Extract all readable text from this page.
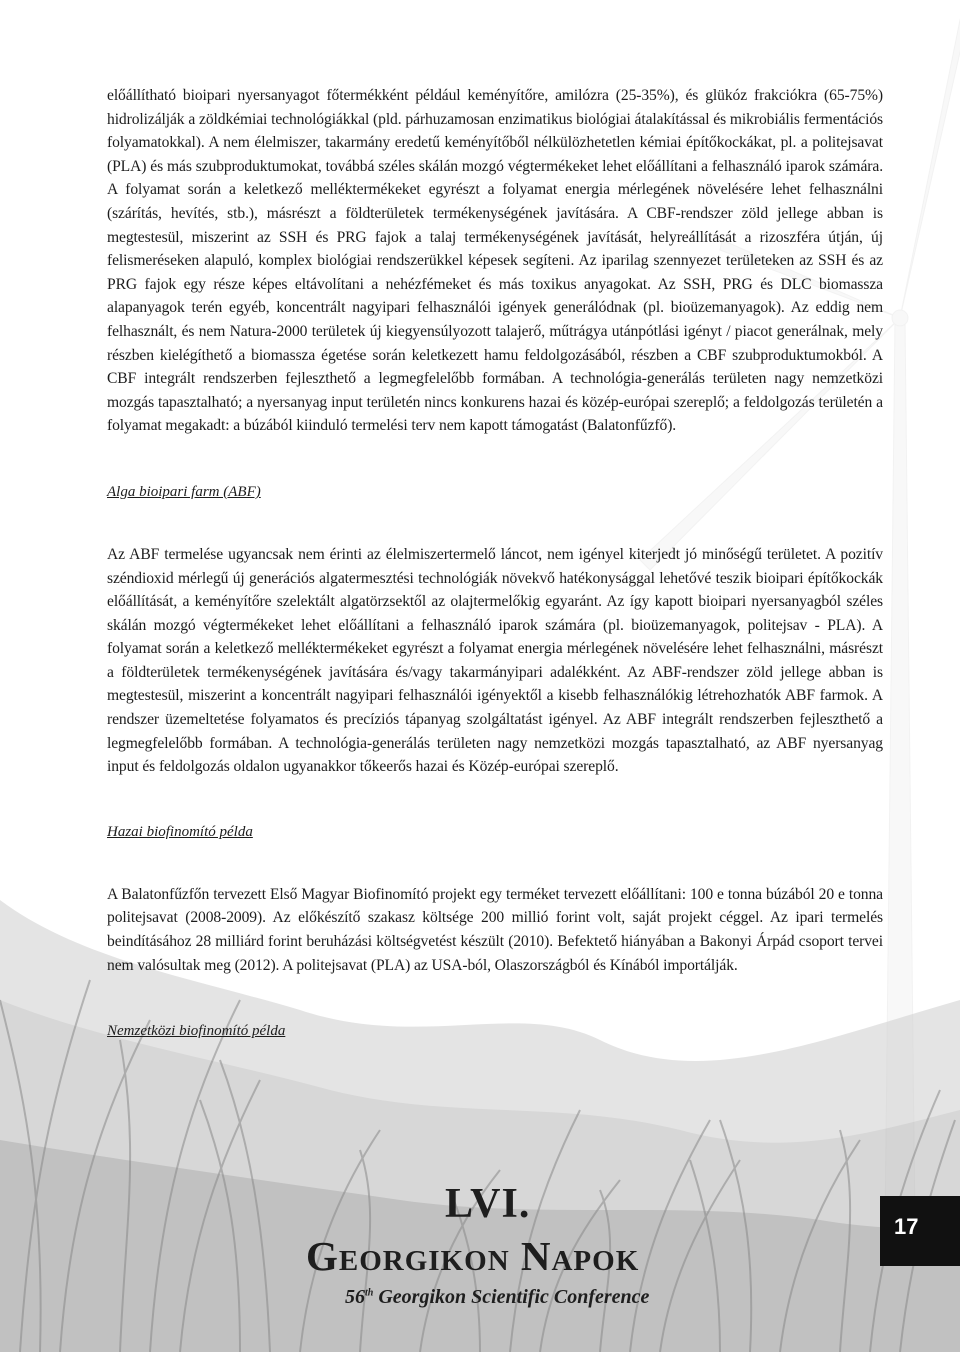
előállítható bioipari nyersanyagot főtermékként például keményítőre, amilózra (25-35%), és glükóz frakciókra (65-75%) hidrolizálják a zöldkémiai technológiákkal (pld. párhuzamosan enzimatikus biológiai átalakítással és mikrobiális fermentációs folyamatokkal). A nem élelmiszer, takarmány eredetű keményítőből nélkülözhetetlen kémiai építőkockákat, pl. a politejsavat (PLA) és más szubproduktumokat, továbbá széles skálán mozgó végtermékeket lehet előállítani a felhasználó iparok számára. A folyamat során a keletkező melléktermékeket egyrészt a folyamat energia mérlegének növelésére lehet felhasználni (szárítás, hevítés, stb.), másrészt a földterületek termékenységének javítására. A CBF-rendszer zöld jellege abban is megtestesül, miszerint az SSH és PRG fajok a talaj termékenységének javítását, helyreállítását a rizoszféra útján, új felismeréseken alapuló, komplex biológiai rendszerükkel képesek segíteni. Az iparilag szennyezet területeken az SSH és az PRG fajok egy része képes eltávolítani a nehézfémeket és más toxikus anyagokat. Az SSH, PRG és DLC biomassza alapanyagok terén egyéb, koncentrált nagyipari felhasználói igények generálódnak (pl. bioüzemanyagok). Az eddig nem felhasznált, és nem Natura-2000 területek új kiegyensúlyozott talajerő, műtrágya utánpótlási igényt / piacot generálnak, mely részben kielégíthető a biomassza égetése során keletkezett hamu feldolgozásából, részben a CBF szubproduktumokból. A CBF integrált rendszerben fejleszthető a legmegfelelőbb formában. A technológia-generálás területen nagy nemzetközi mozgás tapasztalható; a nyersanyag input területén nincs konkurens hazai és közép-európai szereplő; a feldolgozás területén a folyamat megakadt: a búzából kiinduló termelési terv nem kapott támogatást (Balatonfűzfő).

Alga bioipari farm (ABF)

Az ABF termelése ugyancsak nem érinti az élelmiszertermelő láncot, nem igényel kiterjedt jó minőségű területet. A pozitív széndioxid mérlegű új generációs algatermesztési technológiák növekvő hatékonysággal lehetővé teszik bioipari építőkockák előállítását, a keményítőre szelektált algatörzsektől az olajtermelőkig egyaránt. Az így kapott bioipari nyersanyagból széles skálán mozgó végtermékeket lehet előállítani a felhasználó iparok számára (pl. bioüzemanyagok, politejsav - PLA). A folyamat során a keletkező melléktermékeket egyrészt a folyamat energia mérlegének növelésére lehet felhasználni, másrészt a földterületek termékenységének javítására és/vagy takarmányipari adalékként. Az ABF-rendszer zöld jellege abban is megtestesül, miszerint a koncentrált nagyipari felhasználói igényektől a kisebb felhasználókig létrehozhatók ABF farmok. A rendszer üzemeltetése folyamatos és precíziós tápanyag szolgáltatást igényel. Az ABF integrált rendszerben fejleszthető a legmegfelelőbb formában. A technológia-generálás területen nagy nemzetközi mozgás tapasztalható, az ABF nyersanyag input és feldolgozás oldalon ugyanakkor tőkeerős hazai és Közép-európai szereplő.

Hazai biofinomító példa

A Balatonfűzfőn tervezett Első Magyar Biofinomító projekt egy terméket tervezett előállítani: 100 e tonna búzából 20 e tonna politejsavat (2008-2009). Az előkészítő szakasz költsége 200 millió forint volt, saját projekt céggel. Az ipari termelés beindításához 28 milliárd forint beruházási költségvetést készült (2010). Befektető hiányában a Bakonyi Árpád csoport tervei nem valósultak meg (2012). A politejsavat (PLA) az USA-ból, Olaszországból és Kínából importálják.

Nemzetközi biofinomító példa

LVI.
Georgikon Napok
56th Georgikon Scientific Conference
17
